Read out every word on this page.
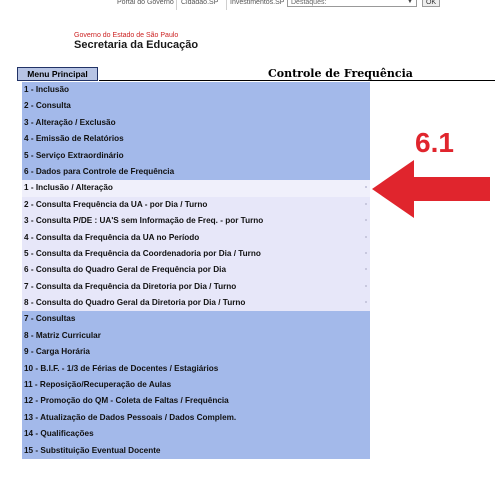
Portal do Governo Cidadão.SP Investimentos.SP Destaques:	▼	OK
Governo do Estado de São Paulo
Secretaria da Educação
Menu Principal	Controle de Frequência
1 - Inclusão
2 - Consulta
3 - Alteração / Exclusão
4 - Emissão de Relatórios
5 - Serviço Extraordinário
6 - Dados para Controle de Frequência
1 - Inclusão / Alteração
2 - Consulta Frequência da UA - por Dia / Turno
3 - Consulta P/DE : UA'S sem Informação de Freq. - por Turno
4 - Consulta da Frequência da UA no Período
5 - Consulta da Frequência da Coordenadoria por Dia / Turno
6 - Consulta do Quadro Geral de Frequência por Dia
7 - Consulta da Frequência da Diretoria por Dia / Turno
8 - Consulta do Quadro Geral da Diretoria por Dia / Turno
7 - Consultas
8 - Matriz Curricular
9 - Carga Horária
10 - B.I.F. - 1/3 de Férias de Docentes / Estagiários
11 - Reposição/Recuperação de Aulas
12 - Promoção do QM - Coleta de Faltas / Frequência
13 - Atualização de Dados Pessoais / Dados Complem.
14 - Qualificações
15 - Substituição Eventual Docente
6.1
